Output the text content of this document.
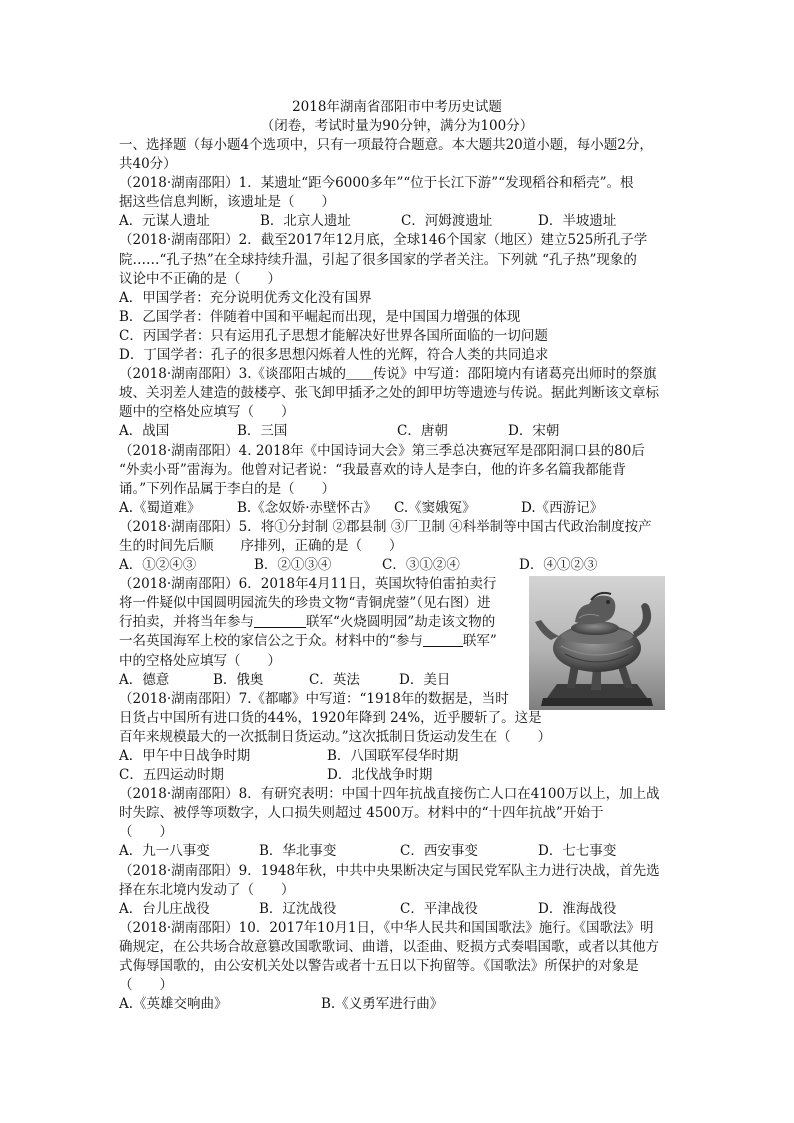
2018年湖南省邵阳市中考历史试题
（闭卷，考试时量为90分钟，满分为100分）
一、选择题（每小题4个选项中，只有一项最符合题意。本大题共20道小题，每小题2分，
共40分）
（2018·湖南邵阳）1．某遗址“距今6000多年”“位于长江下游”“发现稻谷和稻壳”。根
据这些信息判断，该遗址是（　　）
A．元谋人遗址	B．北京人遗址	C．河姆渡遗址	D．半坡遗址
（2018·湖南邵阳）2．截至2017年12月底，全球146个国家（地区）建立525所孔子学
院……“孔子热”在全球持续升温，引起了很多国家的学者关注。下列就 “孔子热”现象的
议论中不正确的是（　　）
A．甲国学者：充分说明优秀文化没有国界
B．乙国学者：伴随着中国和平崛起而出现，是中国国力增强的体现
C．丙国学者：只有运用孔子思想才能解决好世界各国所面临的一切问题
D．丁国学者：孔子的很多思想闪烁着人性的光辉，符合人类的共同追求
（2018·湖南邵阳）3.《谈邵阳古城的＿＿传说》中写道：邵阳境内有诸葛亮出师时的祭旗
坡、关羽差人建造的鼓楼亭、张飞卸甲插矛之处的卸甲坊等遗迹与传说。据此判断该文章标
题中的空格处应填写（　　）
A．战国	B．三国	C．唐朝	D．宋朝
（2018·湖南邵阳）4. 2018年《中国诗词大会》第三季总决赛冠军是邵阳洞口县的80后
“外卖小哥”雷海为。他曾对记者说：“我最喜欢的诗人是李白，他的许多名篇我都能背
诵。”下列作品属于李白的是（　　）
A.《蜀道难》	B.《念奴娇·赤壁怀古》	C.《窦娥冤》	D.《西游记》
（2018·湖南邵阳）5．将①分封制 ②郡县制 ③厂卫制 ④科举制等中国古代政治制度按产
生的时间先后顺　　序排列，正确的是（　　）
A．①②④③	B．②①③④	C．③①②④	D．④①②③
（2018·湖南邵阳）6．2018年4月11日，英国坎特伯雷拍卖行
将一件疑似中国圆明园流失的珍贵文物“青铜虎蓥”（见右图）进
行拍卖，并将当年参与	联军“火烧圆明园”劫走该文物的
一名英国海军上校的家信公之于众。材料中的“参与	联军”
中的空格处应填写（　　）
A．德意	B．俄奥	C．英法	D．美日
（2018·湖南邵阳）7.《都嘟》中写道：“1918年的数据是，当时
日货占中国所有进口货的44%，1920年降到 24%，近乎腰斩了。这是
百年来规模最大的一次抵制日货运动。”这次抵制日货运动发生在（　　）
A．甲午中日战争时期	B．八国联军侵华时期
C．五四运动时期	D．北伐战争时期
（2018·湖南邵阳）8．有研究表明：中国十四年抗战直接伤亡人口在4100万以上，加上战
时失踪、被俘等项数字，人口损失则超过 4500万。材料中的“十四年抗战”开始于
（　　）
A．九一八事变	B．华北事变	C．西安事变	D．七七事变
（2018·湖南邵阳）9．1948年秋，中共中央果断决定与国民党军队主力进行决战，首先选
择在东北境内发动了（　　）
A．台儿庄战役	B．辽沈战役	C．平津战役	D．淮海战役
（2018·湖南邵阳）10．2017年10月1日，《中华人民共和国国歌法》施行。《国歌法》明
确规定，在公共场合故意篡改国歌歌词、曲谱，以歪曲、贬损方式奏唱国歌，或者以其他方
式侮辱国歌的，由公安机关处以警告或者十五日以下拘留等。《国歌法》所保护的对象是
（　　）
A.《英雄交响曲》	B.《义勇军进行曲》
